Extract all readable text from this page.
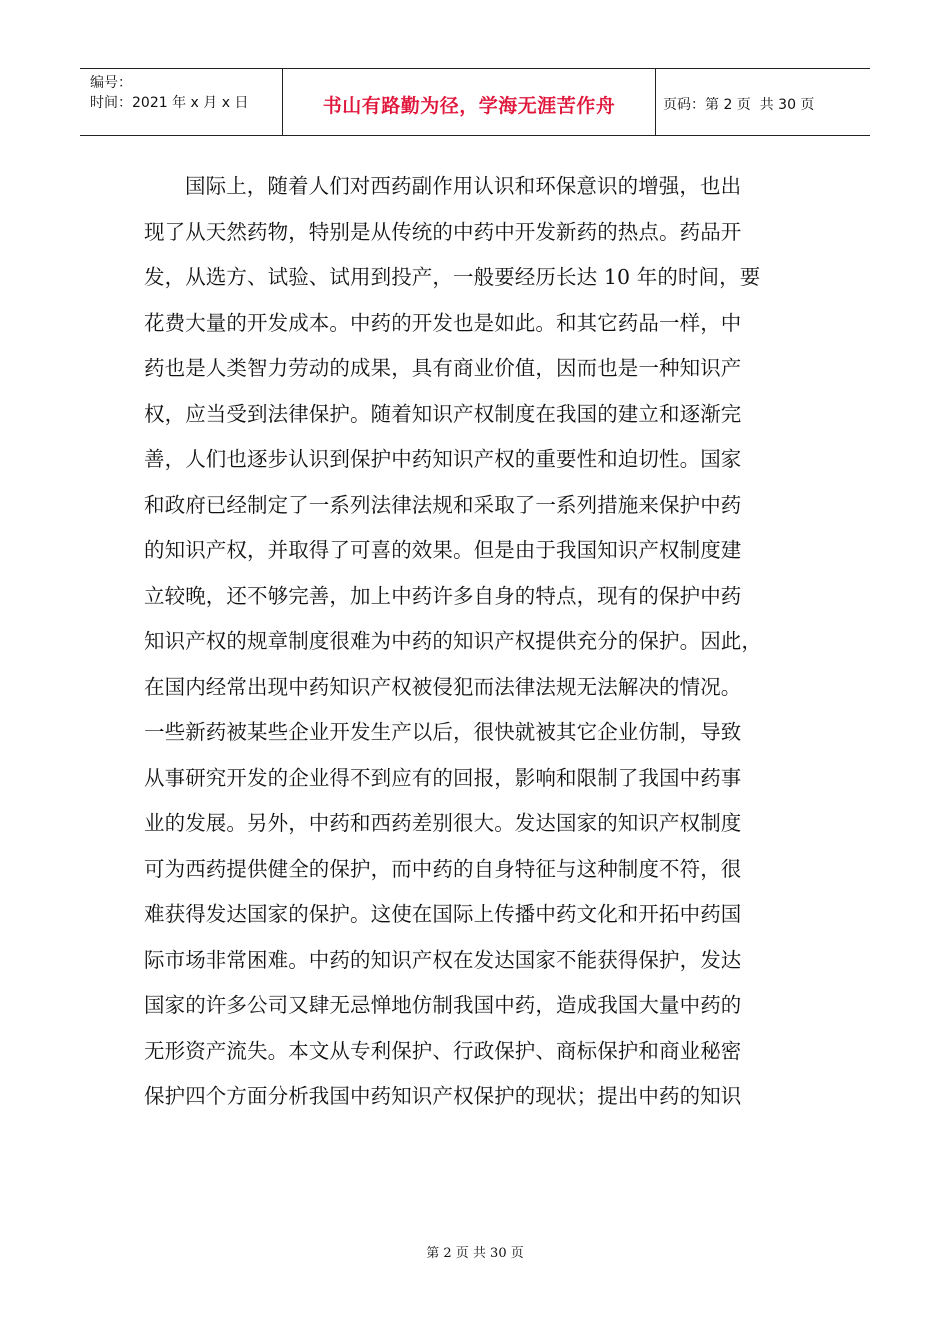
编号：
时间：2021 年 x 月 x 日	书山有路勤为径，学海无涯苦作舟	页码：第 2 页  共 30 页
国际上，随着人们对西药副作用认识和环保意识的增强，也出
现了从天然药物，特别是从传统的中药中开发新药的热点。药品开
发，从选方、试验、试用到投产，一般要经历长达 10 年的时间，要
花费大量的开发成本。中药的开发也是如此。和其它药品一样，中
药也是人类智力劳动的成果，具有商业价值，因而也是一种知识产
权，应当受到法律保护。随着知识产权制度在我国的建立和逐渐完
善，人们也逐步认识到保护中药知识产权的重要性和迫切性。国家
和政府已经制定了一系列法律法规和采取了一系列措施来保护中药
的知识产权，并取得了可喜的效果。但是由于我国知识产权制度建
立较晚，还不够完善，加上中药许多自身的特点，现有的保护中药
知识产权的规章制度很难为中药的知识产权提供充分的保护。因此，
在国内经常出现中药知识产权被侵犯而法律法规无法解决的情况。
一些新药被某些企业开发生产以后，很快就被其它企业仿制，导致
从事研究开发的企业得不到应有的回报，影响和限制了我国中药事
业的发展。另外，中药和西药差别很大。发达国家的知识产权制度
可为西药提供健全的保护，而中药的自身特征与这种制度不符，很
难获得发达国家的保护。这使在国际上传播中药文化和开拓中药国
际市场非常困难。中药的知识产权在发达国家不能获得保护，发达
国家的许多公司又肆无忌惮地仿制我国中药，造成我国大量中药的
无形资产流失。本文从专利保护、行政保护、商标保护和商业秘密
保护四个方面分析我国中药知识产权保护的现状；提出中药的知识
第 2 页 共 30 页
